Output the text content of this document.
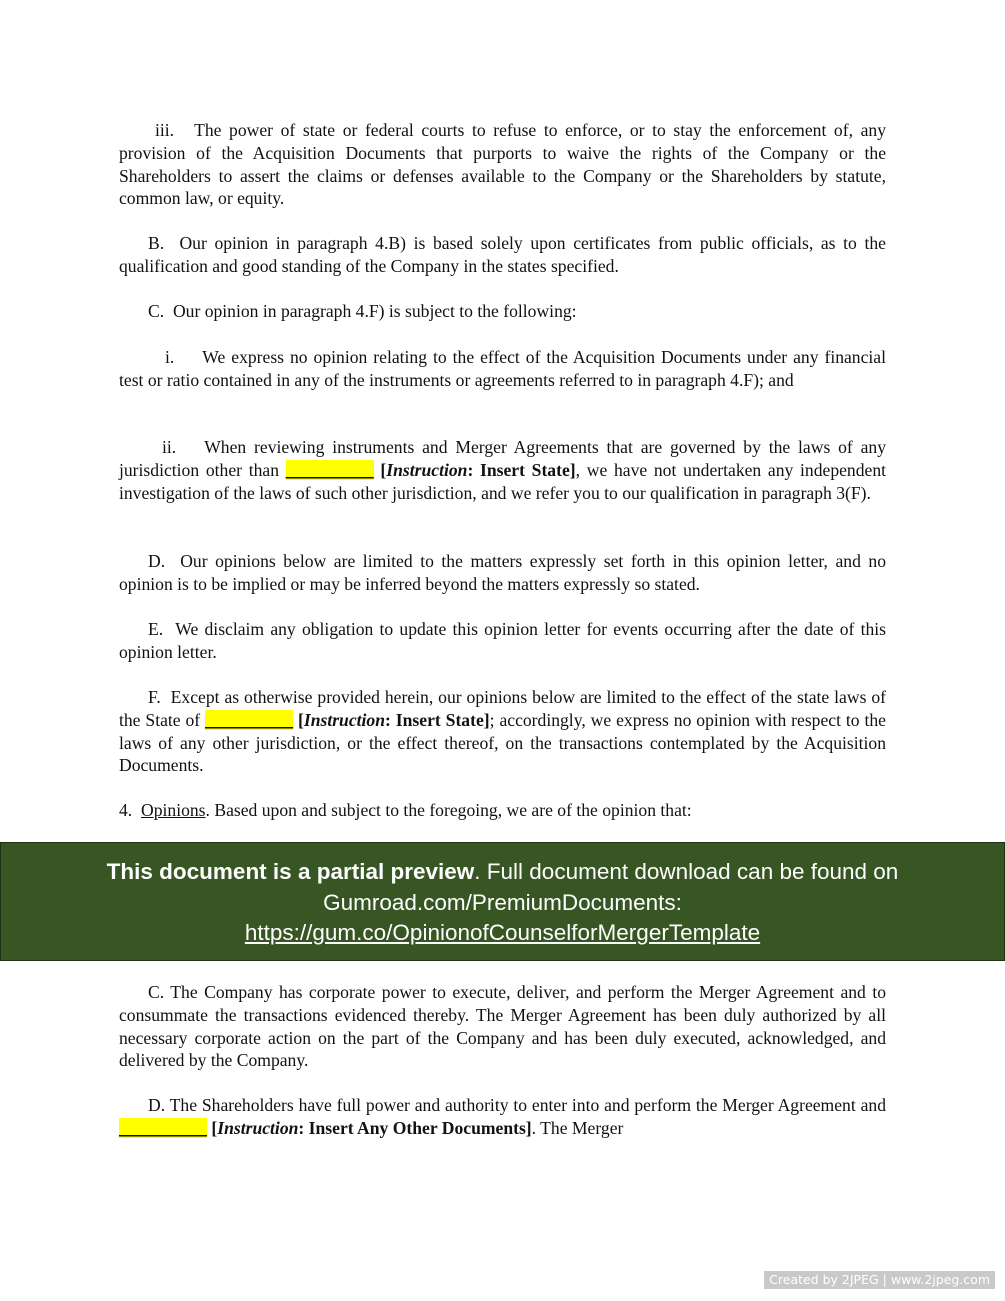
iii. The power of state or federal courts to refuse to enforce, or to stay the enforcement of, any provision of the Acquisition Documents that purports to waive the rights of the Company or the Shareholders to assert the claims or defenses available to the Company or the Shareholders by statute, common law, or equity.

B. Our opinion in paragraph 4.B) is based solely upon certificates from public officials, as to the qualification and good standing of the Company in the states specified.

C. Our opinion in paragraph 4.F) is subject to the following:

i. We express no opinion relating to the effect of the Acquisition Documents under any financial test or ratio contained in any of the instruments or agreements referred to in paragraph 4.F); and

ii. When reviewing instruments and Merger Agreements that are governed by the laws of any jurisdiction other than __________ [Instruction: Insert State], we have not undertaken any independent investigation of the laws of such other jurisdiction, and we refer you to our qualification in paragraph 3(F).

D. Our opinions below are limited to the matters expressly set forth in this opinion letter, and no opinion is to be implied or may be inferred beyond the matters expressly so stated.

E. We disclaim any obligation to update this opinion letter for events occurring after the date of this opinion letter.

F. Except as otherwise provided herein, our opinions below are limited to the effect of the state laws of the State of __________ [Instruction: Insert State]; accordingly, we express no opinion with respect to the laws of any other jurisdiction, or the effect thereof, on the transactions contemplated by the Acquisition Documents.

4. Opinions. Based upon and subject to the foregoing, we are of the opinion that:

This document is a partial preview. Full document download can be found on Gumroad.com/PremiumDocuments:
https://gum.co/OpinionofCounselforMergerTemplate

C. The Company has corporate power to execute, deliver, and perform the Merger Agreement and to consummate the transactions evidenced thereby. The Merger Agreement has been duly authorized by all necessary corporate action on the part of the Company and has been duly executed, acknowledged, and delivered by the Company.

D. The Shareholders have full power and authority to enter into and perform the Merger Agreement and __________ [Instruction: Insert Any Other Documents]. The Merger

Created by 2JPEG | www.2jpeg.com
